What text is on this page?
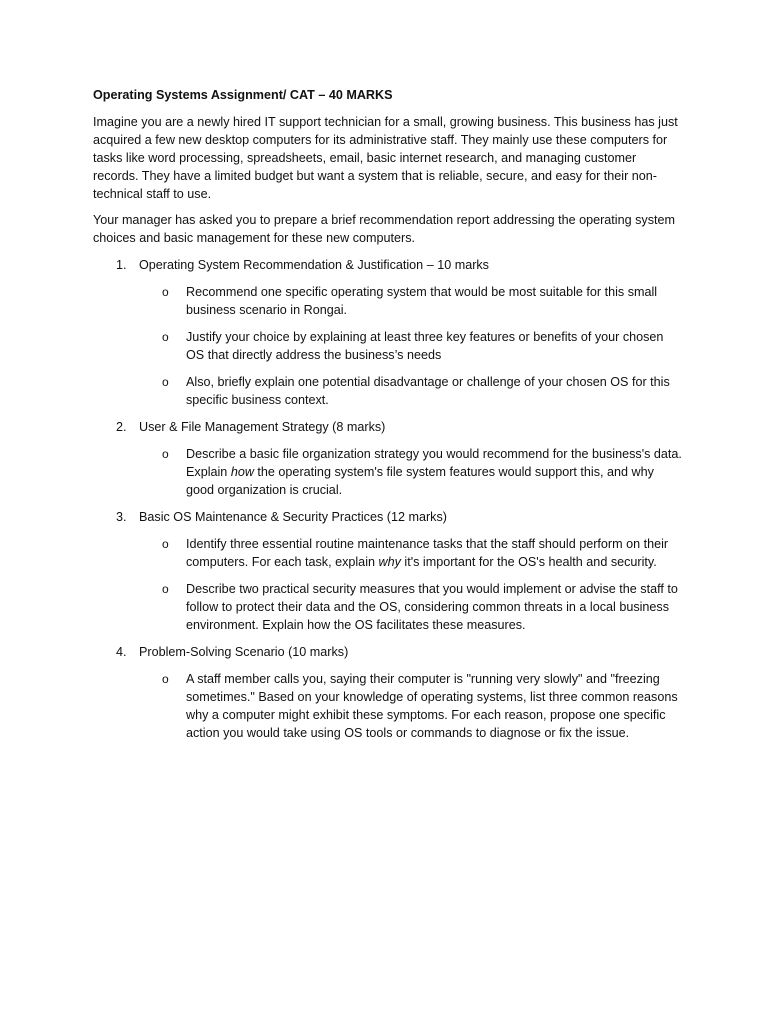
Operating Systems Assignment/ CAT – 40 MARKS

Imagine you are a newly hired IT support technician for a small, growing business. This business has just acquired a few new desktop computers for its administrative staff. They mainly use these computers for tasks like word processing, spreadsheets, email, basic internet research, and managing customer records. They have a limited budget but want a system that is reliable, secure, and easy for their non-technical staff to use.

Your manager has asked you to prepare a brief recommendation report addressing the operating system choices and basic management for these new computers.

1. Operating System Recommendation & Justification – 10 marks

o Recommend one specific operating system that would be most suitable for this small business scenario in Rongai.
o Justify your choice by explaining at least three key features or benefits of your chosen OS that directly address the business’s needs
o Also, briefly explain one potential disadvantage or challenge of your chosen OS for this specific business context.
2. User & File Management Strategy (8 marks)

o Describe a basic file organization strategy you would recommend for the business's data. Explain how the operating system's file system features would support this, and why good organization is crucial.
3. Basic OS Maintenance & Security Practices (12 marks)

o Identify three essential routine maintenance tasks that the staff should perform on their computers. For each task, explain why it's important for the OS's health and security.
o Describe two practical security measures that you would implement or advise the staff to follow to protect their data and the OS, considering common threats in a local business environment. Explain how the OS facilitates these measures.
4. Problem-Solving Scenario (10 marks)

o A staff member calls you, saying their computer is "running very slowly" and "freezing sometimes." Based on your knowledge of operating systems, list three common reasons why a computer might exhibit these symptoms. For each reason, propose one specific action you would take using OS tools or commands to diagnose or fix the issue.
